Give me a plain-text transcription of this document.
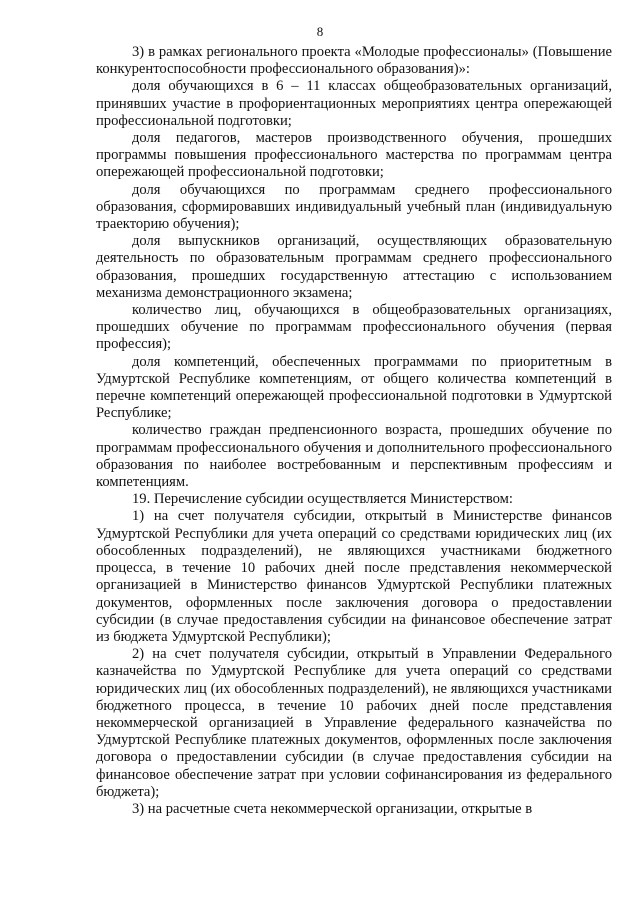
8

3) в рамках регионального проекта «Молодые профессионалы» (Повышение конкурентоспособности профессионального образования)»:

доля обучающихся в 6 – 11 классах общеобразовательных организаций, принявших участие в профориентационных мероприятиях центра опережающей профессиональной подготовки;

доля педагогов, мастеров производственного обучения, прошедших программы повышения профессионального мастерства по программам центра опережающей профессиональной подготовки;

доля обучающихся по программам среднего профессионального образования, сформировавших индивидуальный учебный план (индивидуальную траекторию обучения);

доля выпускников организаций, осуществляющих образовательную деятельность по образовательным программам среднего профессионального образования, прошедших государственную аттестацию с использованием механизма демонстрационного экзамена;

количество лиц, обучающихся в общеобразовательных организациях, прошедших обучение по программам профессионального обучения (первая профессия);

доля компетенций, обеспеченных программами по приоритетным в Удмуртской Республике компетенциям, от общего количества компетенций в перечне компетенций опережающей профессиональной подготовки в Удмуртской Республике;

количество граждан предпенсионного возраста, прошедших обучение по программам профессионального обучения и дополнительного профессионального образования по наиболее востребованным и перспективным профессиям и компетенциям.

19. Перечисление субсидии осуществляется Министерством:

1) на счет получателя субсидии, открытый в Министерстве финансов Удмуртской Республики для учета операций со средствами юридических лиц (их обособленных подразделений), не являющихся участниками бюджетного процесса, в течение 10 рабочих дней после представления некоммерческой организацией в Министерство финансов Удмуртской Республики платежных документов, оформленных после заключения договора о предоставлении субсидии (в случае предоставления субсидии на финансовое обеспечение затрат из бюджета Удмуртской Республики);

2) на счет получателя субсидии, открытый в Управлении Федерального казначейства по Удмуртской Республике для учета операций со средствами юридических лиц (их обособленных подразделений), не являющихся участниками бюджетного процесса, в течение 10 рабочих дней после представления некоммерческой организацией в Управление федерального казначейства по Удмуртской Республике платежных документов, оформленных после заключения договора о предоставлении субсидии (в случае предоставления субсидии на финансовое обеспечение затрат при условии софинансирования из федерального бюджета);

3) на расчетные счета некоммерческой организации, открытые в
